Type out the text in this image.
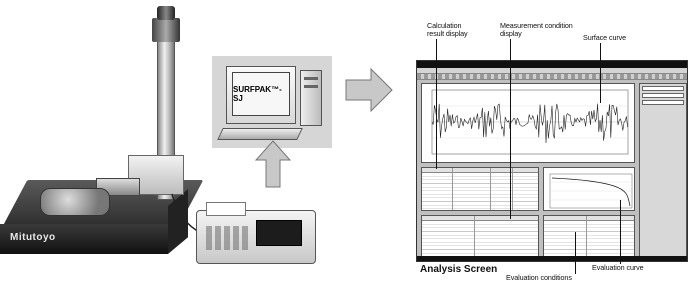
Mitutoyo
SURFPAK™-SJ
Calculation
result display
Measurement condition
display	Surface curve
Evaluation conditions
Evaluation curve
Analysis Screen
